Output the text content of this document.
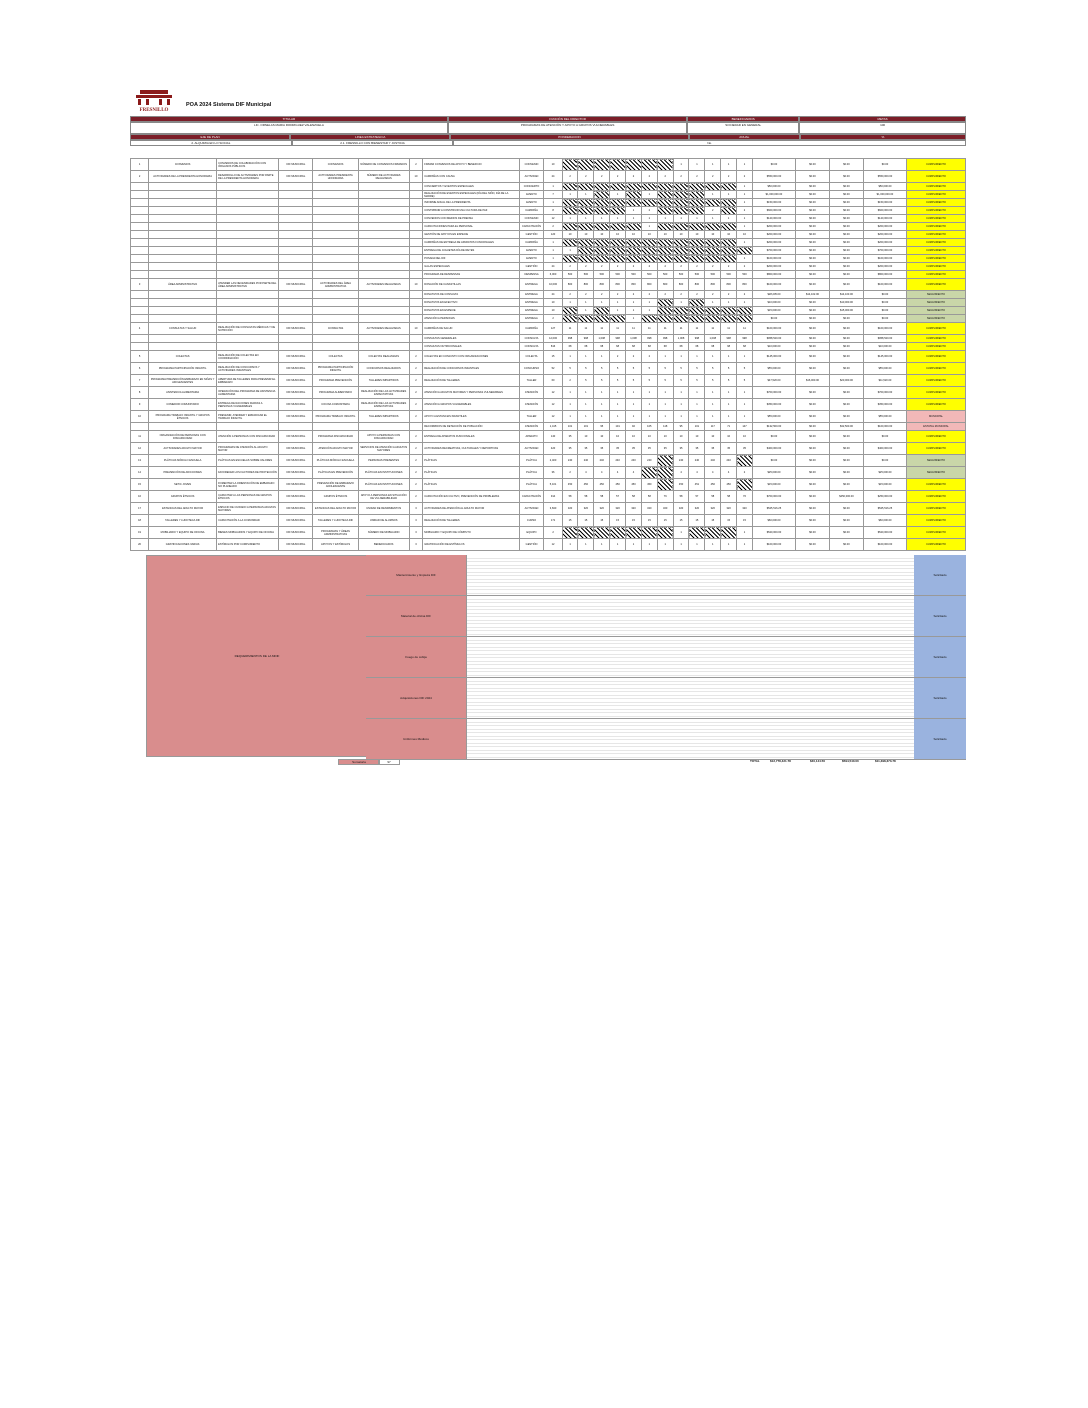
FRESNILLO
POA 2024 Sistema DIF Municipal
TITULAR	FUNCIÓN DEL DIRECTOR	BENEFICIARIOS	METAS
LIC. ORNELAS MARIA RODRIGUEZ VALENZUELA	PROGRAMAS DE ATENCIÓN Y APOYO A GRUPOS VULNERABLES	SOCIEDAD EN GENERAL	100
EJE DE PLAN	LINEA ESTRATEGICA	PONDERACION	ANUAL	%
2. ALQUIMIA EN LO SOCIAL	2.1. FRESNILLO CON BIENESTAR Y JUSTICIA	No.
1	CONVENIOS	CONVENIOS DE COLABORACIÓN CON ÓRGANOS PÚBLICOS	DIF MUNICIPAL	CONVENIOS	NÚMERO DE CONVENIOS FIRMADOS	2	FIRMAR CONVENIOS DE APOYO Y BENEFICIO	CONVENIO	10								1	1	1	1	1	$0.00	$0.00	$0.00	$0.00	CUMPLIMIENTO
2	ACTIVIDADES DE LA PRESIDENTA HONORARIA	DESARROLLO DE ACTIVIDADES POR PARTE DE LA PRESIDENTA HONORARIA	DIF MUNICIPAL	ACTIVIDADES PRESIDENTA HONORARIA	NÚMERO DE ACTIVIDADES REALIZADAS	10	CAMPAÑAS CON CAUSA	ACTIVIDAD	24	2	2	2	2	2	2	2	2	2	2	2	2	$550,000.00	$0.00	$0.00	$550,000.00	CUMPLIMIENTO
							CONCIERTOS Y EVENTOS ESPECIALES	CONCIERTO	1												1	$50,000.00	$0.00	$0.00	$50,000.00	CUMPLIMIENTO
							REALIZACIÓN DE EVENTOS ESPECIALES (DÍA DEL NIÑO, DÍA DE LA MADRE)	EVENTO	7	1	1		1		1				1	1	1	$1,000,000.00	$0.00	$0.00	$1,000,000.00	CUMPLIMIENTO
							INFORME ANUAL DE LA PRESIDENTA	EVENTO	1												1	$150,000.00	$0.00	$0.00	$150,000.00	CUMPLIMIENTO
							CONTRIBUIR A CONSTRUIR UNA CULTURA DE PAZ	CAMPAÑA	8					1	2				2		2	$600,000.00	$0.00	$0.00	$600,000.00	CUMPLIMIENTO
							CONVENIOS CON MEDIOS DE PRENSA	CONVENIO	12	1	1	1	1	1	1	1	1	1	1	1	1	$120,000.00	$0.00	$0.00	$120,000.00	CUMPLIMIENTO
							CAPACITACIONES PARA EL PERSONAL	CAPACITACIÓN	2						1						1	$200,000.00	$0.00	$0.00	$200,000.00	CUMPLIMIENTO
							GESTIÓN DE APOYOS EN ESPECIE	GESTIÓN	120	10	10	10	10	10	10	10	10	10	10	10	10	$200,000.00	$0.00	$0.00	$200,000.00	CUMPLIMIENTO
							CAMPAÑAS DE ENTREGA DE APARATOS FUNCIONALES	CAMPAÑA	1												1	$200,000.00	$0.00	$0.00	$200,000.00	CUMPLIMIENTO
							ENTREGA DE JUGUETES DÍA DE REYES	EVENTO	1	1												$700,000.00	$0.00	$0.00	$700,000.00	CUMPLIMIENTO
							POSADA DEL DIF	EVENTO	1												1	$100,000.00	$0.00	$0.00	$100,000.00	CUMPLIMIENTO
							GALAS ESPECIALES	GESTIÓN	24	2	2	2	2	2	2	2	2	2	2	2	2	$200,000.00	$0.00	$0.00	$200,000.00	CUMPLIMIENTO
							PROGRAMA DE DESPENSAS	DESPENSA	6,000	500	500	500	500	500	500	500	500	500	500	500	500	$800,000.00	$0.00	$0.00	$800,000.00	CUMPLIMIENTO
3	ÁREA ADMINISTRATIVA	ATENDER LAS NECESIDADES POR PARTE DEL ÁREA ADMINISTRATIVA	DIF MUNICIPAL	ACTIVIDADES DEL ÁREA ADMINISTRATIVA	ACTIVIDADES REALIZADAS	10	DONACIÓN DE CANASTILLAS	ENTREGA	10,000	800	800	800	800	800	800	800	800	800	800	800	800	$100,000.00	$0.00	$0.00	$100,000.00	CUMPLIMIENTO
							DONATIVOS DE CONSULTA	ENTREGA	24	2	2	2	2	2	2	2	2	2	2	2	2	$28,205.00	$14,102.00	$14,103.00	$0.00	SEGUIMIENTO
							DONATIVOS EN EFECTIVO	ENTREGA	10	1	1	1	1	1	1		1		1	1	1	$10,000.00	$0.00	$10,000.00	$0.00	SEGUIMIENTO
							DONATIVOS EN ESPECIE	ENTREGA	10		1		1	1	1							$15,000.00	$0.00	$15,000.00	$0.00	SEGUIMIENTO
							ATENCIÓN A PERSONAS	ENTREGA	2					1								$0.00	$0.00	$0.00	$0.00	SEGUIMIENTO
4	CONSULTAS Y SALUD	REALIZACIÓN DE CONSULTAS MÉDICAS Y DE NUTRICIÓN	DIF MUNICIPAL	CONSULTAS	ACTIVIDADES REALIZADAS	10	CAMPAÑAS DE SALUD	CAMPAÑA	127	11	11	11	11	11	11	11	11	11	11	11	11	$100,000.00	$0.00	$0.00	$100,000.00	CUMPLIMIENTO
							CONSULTAS GENERALES	CONSULTA	12,000	998	998	1,008	998	1,008	998	998	1,008	998	1,008	998	998	$958,520.00	$0.00	$0.00	$958,520.00	CUMPLIMIENTO
							CONSULTAS NUTRICIONALES	CONSULTA	816	68	68	68	68	68	68	68	68	68	68	68	68	$10,000.00	$0.00	$0.00	$10,000.00	CUMPLIMIENTO
5	COLECTAS	REALIZACIÓN DE COLECTAS EN COORDINACIÓN	DIF MUNICIPAL	COLECTAS	COLECTAS REALIZADAS	2	COLECTAS EN CONJUNTO CON ORGANIZACIONES	COLECTA	15	1	1	1	2	2	2	1	1	1	1	1	1	$145,000.00	$0.00	$0.00	$145,000.00	CUMPLIMIENTO
6	PROGRAMA PARTICIPACIÓN INFANTIL	REALIZACIÓN DE CONCURSOS Y ACTIVIDADES INFANTILES	DIF MUNICIPAL	PROGRAMA PARTICIPACIÓN INFANTIL	CONCURSOS REALIZADOS	2	REALIZACIÓN DE CONCURSOS INFANTILES	CONCURSO	52	5	5	5	5	5	5	5	5	5	5	5	5	$55,000.00	$0.00	$0.00	$55,000.00	CUMPLIMIENTO
7	PROGRAMA PREVENCIÓN EMBARAZO EN NIÑAS Y ADOLESCENTES	APERTURA DE TALLERES PARA PREVENIR EL EMBARAZO	DIF MUNICIPAL	PROGRAMA PREVENCIÓN	TALLERES IMPARTIDOS	2	REALIZACIÓN DE TALLERES	TALLER	60	2	5	5	5	5	5	5	5	5	5	5	5	$47,520.00	$16,000.00	$20,000.00	$11,520.00	CUMPLIMIENTO
8	ASISTENCIA ALIMENTARIA	OPERACIÓN DEL PROGRAMA DE ASISTENCIA ALIMENTARIA	DIF MUNICIPAL	PROGRAMA ALIMENTARIO	REALIZACIÓN DE LAS ACTIVIDADES ESPECTATIVAS	2	ATENCIÓN A ADULTOS MAYORES Y PERSONAS VULNERABLES	ATENCIÓN	12	1	1	1	1	1	1	1	1	1	1	1	1	$700,000.00	$0.00	$0.00	$700,000.00	CUMPLIMIENTO
9	COMEDOR COMUNITARIO	ENTREGA DE RACIONES DIARIAS A PERSONAS VULNERABLES	DIF MUNICIPAL	COCINA COMUNITARIA	REALIZACIÓN DE LAS ACTIVIDADES ESPECTATIVAS	2	ATENCIÓN A GRUPOS VULNERABLES	ATENCIÓN	12	1	1	1	1	1	1	1	1	1	1	1	1	$350,000.00	$0.00	$0.00	$350,000.00	CUMPLIMIENTO
10	PROGRAMA TRABAJO INFANTIL Y GRUPOS ÉTNICOS	PREVENIR, ATENDER Y ERRADICAR EL TRABAJO INFANTIL	DIF MUNICIPAL	PROGRAMA TRABAJO INFANTIL	TALLERES IMPARTIDOS	2	APOYO A ESTANCIAS INFANTILES	TALLER	12	1	1	1	1	1	1	1	1	1	1	1	1	$55,000.00	$0.00	$0.00	$55,000.00	MUNICIPAL
							RECORRIDOS DE DETECCIÓN DE POBLACIÓN	ATENCIÓN	1,415	101	101	95	101	92	105	118	95	101	117	71	147	$132,500.00	$0.00	$32,500.00	$100,000.00	ESTATAL MUNICIPAL
11	ORGANIZACIÓN DE PERSONAS CON DISCAPACIDAD	ATENCIÓN A PERSONAS CON DISCAPACIDAD	DIF MUNICIPAL	PROGRAMA DISCAPACIDAD	APOYO A PERSONAS CON DISCAPACIDAD	2	ENTREGA DE APARATOS FUNCIONALES	APARATO	140	35	10	10	10	10	10	10	10	10	10	10	10	$0.00	$0.00	$0.00	$0.00	CUMPLIMIENTO
12	ACTIVIDADES ADULTO MAYOR	PROGRAMAS DE ATENCIÓN AL ADULTO MAYOR	DIF MUNICIPAL	ATENCIÓN ADULTO MAYOR	SERVICIOS DE ATENCIÓN A ADULTOS MAYORES	2	ACTIVIDADES RECREATIVAS, CULTURALES Y DEPORTIVAS	ACTIVIDAD	420	35	35	35	35	35	35	35	35	35	35	35	35	$400,000.00	$0.00	$0.00	$400,000.00	CUMPLIMIENTO
13	PLÁTICAS MÓDULO ESCUELA	PLÁTICAS EN ESCUELAS SOBRE VALORES	DIF MUNICIPAL	PLÁTICAS MÓDULO ESCUELA	PERSONAS PRESENTES	2	PLÁTICAS	PLÁTICA	2,400	240	240	240	240	240	240		240	240	240	240		$0.00	$0.00	$0.00	$0.00	SEGUIMIENTO
14	PREVENCIÓN DE ADICCIONES	FAVORECER LOS FACTORES DE PROTECCIÓN	DIF MUNICIPAL	PLÁTICAS EN PREVENCIÓN	PLÁTICAS EN INSTITUCIONES	2	PLÁTICAS	PLÁTICA	36	2	4	4	4	4			4	4	4	4	2	$25,000.00	$0.00	$0.00	$25,000.00	SEGUIMIENTO
15	SETIC JOVEN	FOMENTAR LA ORIENTACIÓN DE EMBARAZO NO PLANEADO	DIF MUNICIPAL	PREVENCIÓN DE EMBARAZO ADOLESCENTE	PLÁTICAS EN INSTITUCIONES	2	PLÁTICAS	PLÁTICA	5,101	450	450	450	450	450	450		450	451	450	450		$15,000.00	$0.00	$0.00	$15,000.00	CUMPLIMIENTO
16	GRUPOS ÉTNICOS	CAPACITAR A LAS PERSONAS DE GRUPOS ÉTNICOS	DIF MUNICIPAL	GRUPOS ÉTNICOS	APOYO A PERSONAS EN SITUACIÓN DE VULNERABILIDAD	2	CAPACITACIÓN EN CULTIVO, PREVENCIÓN DE PROBLEMAS	CAPACITACIÓN	914	58	58	58	57	58	58	76	58	57	58	58	76	$700,000.00	$0.00	$450,000.00	$250,000.00	CUMPLIMIENTO
17	ESTANCIAS DEL ADULTO MAYOR	ESPACIO DE CUIDADO A PERSONAS ADULTAS MAYORES	DIF MUNICIPAL	ESTANCIAS DEL ADULTO MAYOR	UNIDAD DE RENDIMIENTOS	3	ACTIVIDADES DE ATENCIÓN AL ADULTO MAYOR	ACTIVIDAD	3,840	320	320	320	320	320	320	320	320	320	320	320	320	$525,516.25	$0.00	$0.00	$525,516.25	CUMPLIMIENTO
18	TALLERES Y LUDOTECA DIF	CAPACITACIÓN A LA COMUNIDAD	DIF MUNICIPAL	TALLERES Y LUDOTECA DIF	UNIDAD DE ALUMNOS	3	REALIZACIÓN DE TALLERES	CURSO	171	15	15	15	15	15	15	15	15	15	15	15	15	$60,000.00	$0.00	$0.00	$60,000.00	CUMPLIMIENTO
19	MOBILIARIO Y EQUIPO DE OFICINA	BIENES MOBILIARIOS Y EQUIPO DE OFICINA	DIF MUNICIPAL	PROGRAMAS Y ÁREAS ADMINISTRATIVAS	NÚMERO DE MOBILIARIO	3	MOBILIARIO Y EQUIPO DE CÓMPUTO	EQUIPO	2								1				1	$520,000.00	$0.00	$0.00	$520,000.00	CUMPLIMIENTO
20	GRATIFICACIONES VARIAS	ESTÍMULOS POR CUMPLIMIENTO	DIF MUNICIPAL	APOYOS Y ESTÍMULOS	BENEFICIADOS	3	GRATIFICACIÓN DE ESTÍMULOS	GESTIÓN	12	1	1	1	1	1	1	1	1	1	1	1	1	$100,000.00	$0.00	$0.00	$100,000.00	CUMPLIMIENTO
REQUERIMIENTOS DE LA MDIF
Mantenimiento y limpieza DIF	Solicitado
Material de oficina DIF	Solicitado
Fuego de cobija	Solicitado
Adquisiciones DIF 2024	Solicitado
Uniformes Médicos	Solicitado
Sumatoria	97	TOTAL	$12,778,421.78	$40,144.50	$594,540.00	$11,398,373.78
